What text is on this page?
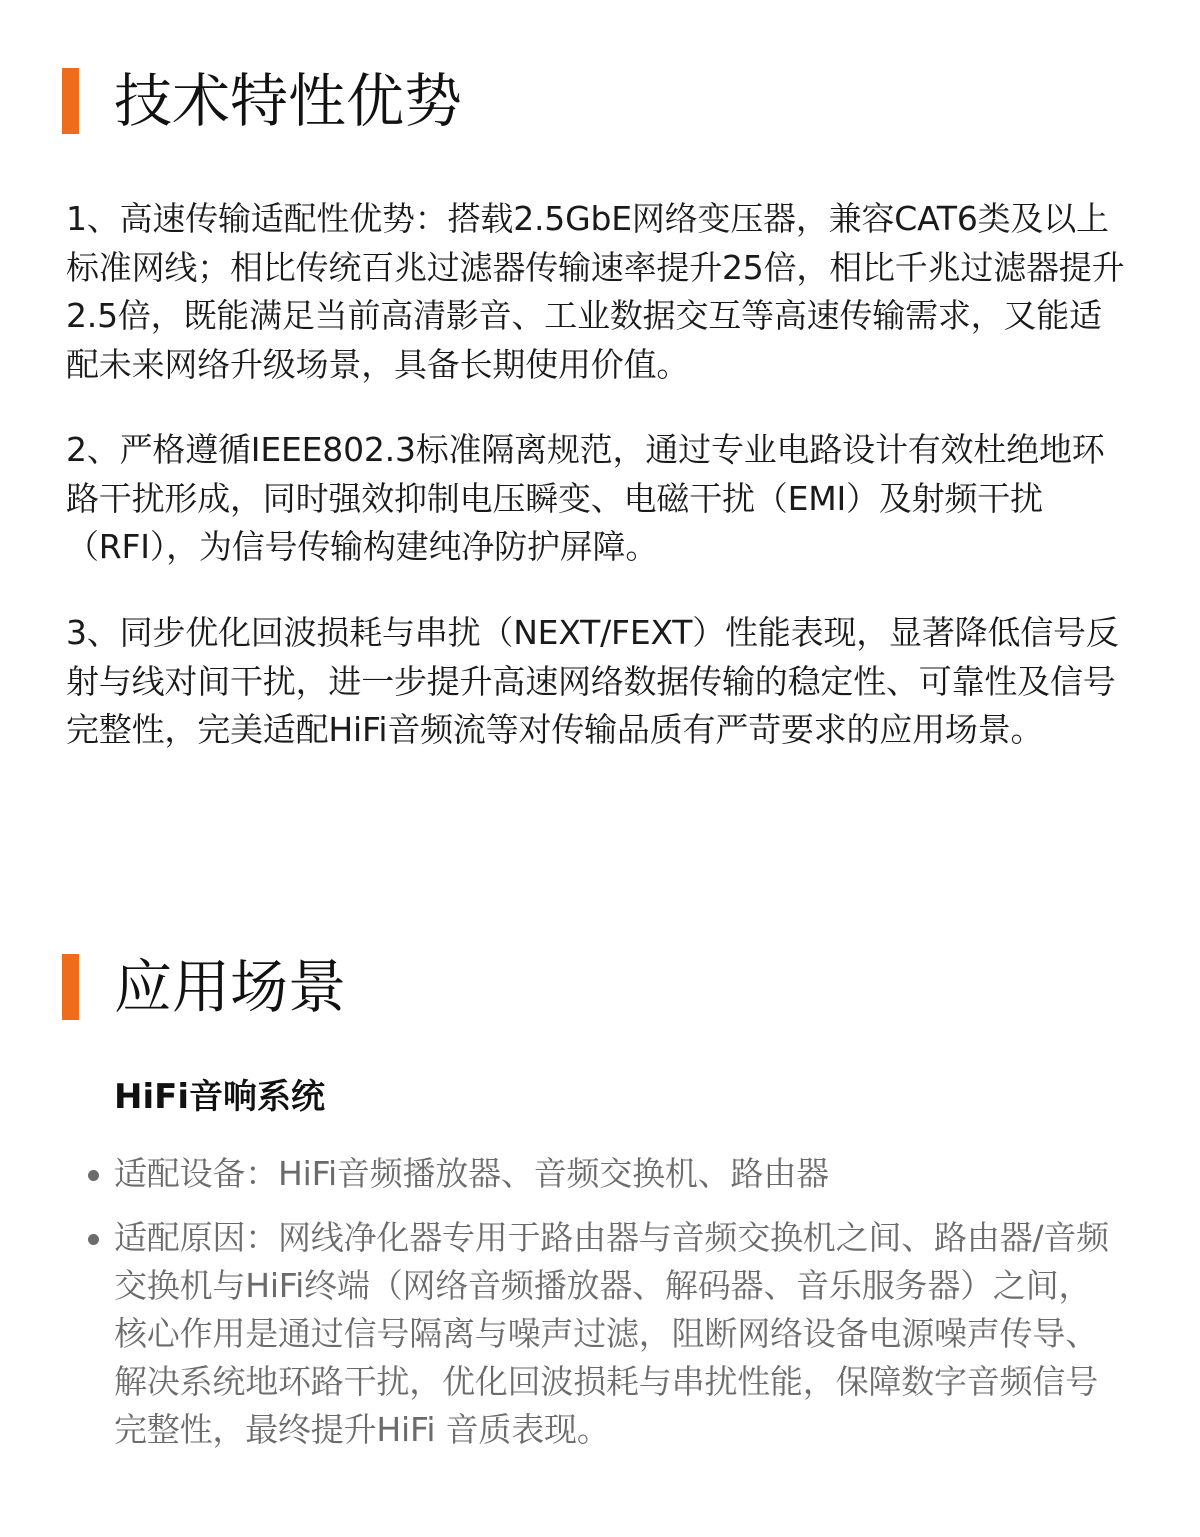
技术特性优势

1、高速传输适配性优势：搭载2.5GbE网络变压器，兼容CAT6类及以上标准网线；相比传统百兆过滤器传输速率提升25倍，相比千兆过滤器提升2.5倍，既能满足当前高清影音、工业数据交互等高速传输需求，又能适配未来网络升级场景，具备长期使用价值。

2、严格遵循IEEE802.3标准隔离规范，通过专业电路设计有效杜绝地环路干扰形成，同时强效抑制电压瞬变、电磁干扰（EMI）及射频干扰（RFI），为信号传输构建纯净防护屏障。

3、同步优化回波损耗与串扰（NEXT/FEXT）性能表现，显著降低信号反射与线对间干扰，进一步提升高速网络数据传输的稳定性、可靠性及信号完整性，完美适配HiFi音频流等对传输品质有严苛要求的应用场景。

应用场景
HiFi音响系统
适配设备：HiFi音频播放器、音频交换机、路由器
适配原因：网线净化器专用于路由器与音频交换机之间、路由器/音频交换机与HiFi终端（网络音频播放器、解码器、音乐服务器）之间，核心作用是通过信号隔离与噪声过滤，阻断网络设备电源噪声传导、解决系统地环路干扰，优化回波损耗与串扰性能，保障数字音频信号完整性，最终提升HiFi 音质表现。
